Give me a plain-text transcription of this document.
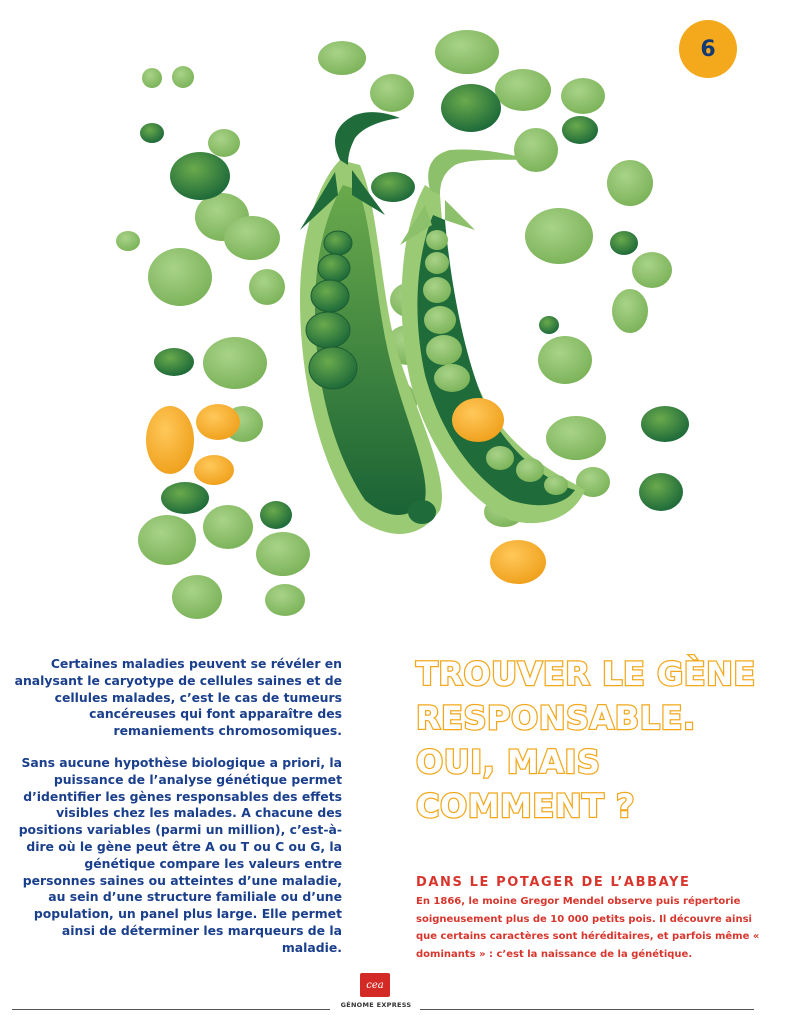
6

Certaines maladies peuvent se révéler en analysant le caryotype de cellules saines et de cellules malades, c’est le cas de tumeurs cancéreuses qui font apparaître des remaniements chromosomiques.

Sans aucune hypothèse biologique a priori, la puissance de l’analyse génétique permet d’identifier les gènes responsables des effets visibles chez les malades. A chacune des positions variables (parmi un million), c’est-à-dire où le gène peut être A ou T ou C ou G, la génétique compare les valeurs entre personnes saines ou atteintes d’une maladie, au sein d’une structure familiale ou d’une population, un panel plus large. Elle permet ainsi de déterminer les marqueurs de la maladie.

TROUVER LE GÈNE
RESPONSABLE.
OUI, MAIS
COMMENT ?
DANS LE POTAGER DE L’ABBAYE
En 1866, le moine Gregor Mendel observe puis répertorie soigneusement plus de 10 000 petits pois. Il découvre ainsi que certains caractères sont héréditaires, et parfois même « dominants » : c’est la naissance de la génétique.
cea
GÉNOME EXPRESS
